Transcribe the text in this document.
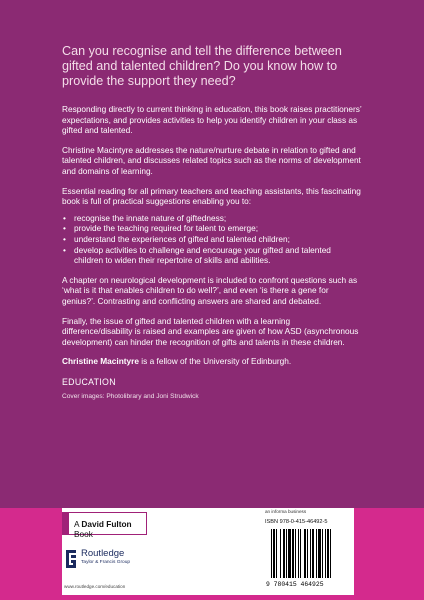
Can you recognise and tell the difference between gifted and talented children? Do you know how to provide the support they need?

Responding directly to current thinking in education, this book raises practitioners’ expectations, and provides activities to help you identify children in your class as gifted and talented.

Christine Macintyre addresses the nature/nurture debate in relation to gifted and talented children, and discusses related topics such as the norms of development and domains of learning.

Essential reading for all primary teachers and teaching assistants, this fascinating book is full of practical suggestions enabling you to:

• recognise the innate nature of giftedness;
• provide the teaching required for talent to emerge;
• understand the experiences of gifted and talented children;
• develop activities to challenge and encourage your gifted and talented children to widen their repertoire of skills and abilities.

A chapter on neurological development is included to confront questions such as ‘what is it that enables children to do well?’, and even ‘is there a gene for genius?’. Contrasting and conflicting answers are shared and debated.

Finally, the issue of gifted and talented children with a learning difference/disability is raised and examples are given of how ASD (asynchronous development) can hinder the recognition of gifts and talents in these children.

Christine Macintyre is a fellow of the University of Edinburgh.

EDUCATION

Cover images: Photolibrary and Joni Strudwick

A David Fulton Book
Routledge
Taylor & Francis Group
www.routledge.com/education
an informa business
ISBN 978-0-415-46492-5
9 780415 464925
